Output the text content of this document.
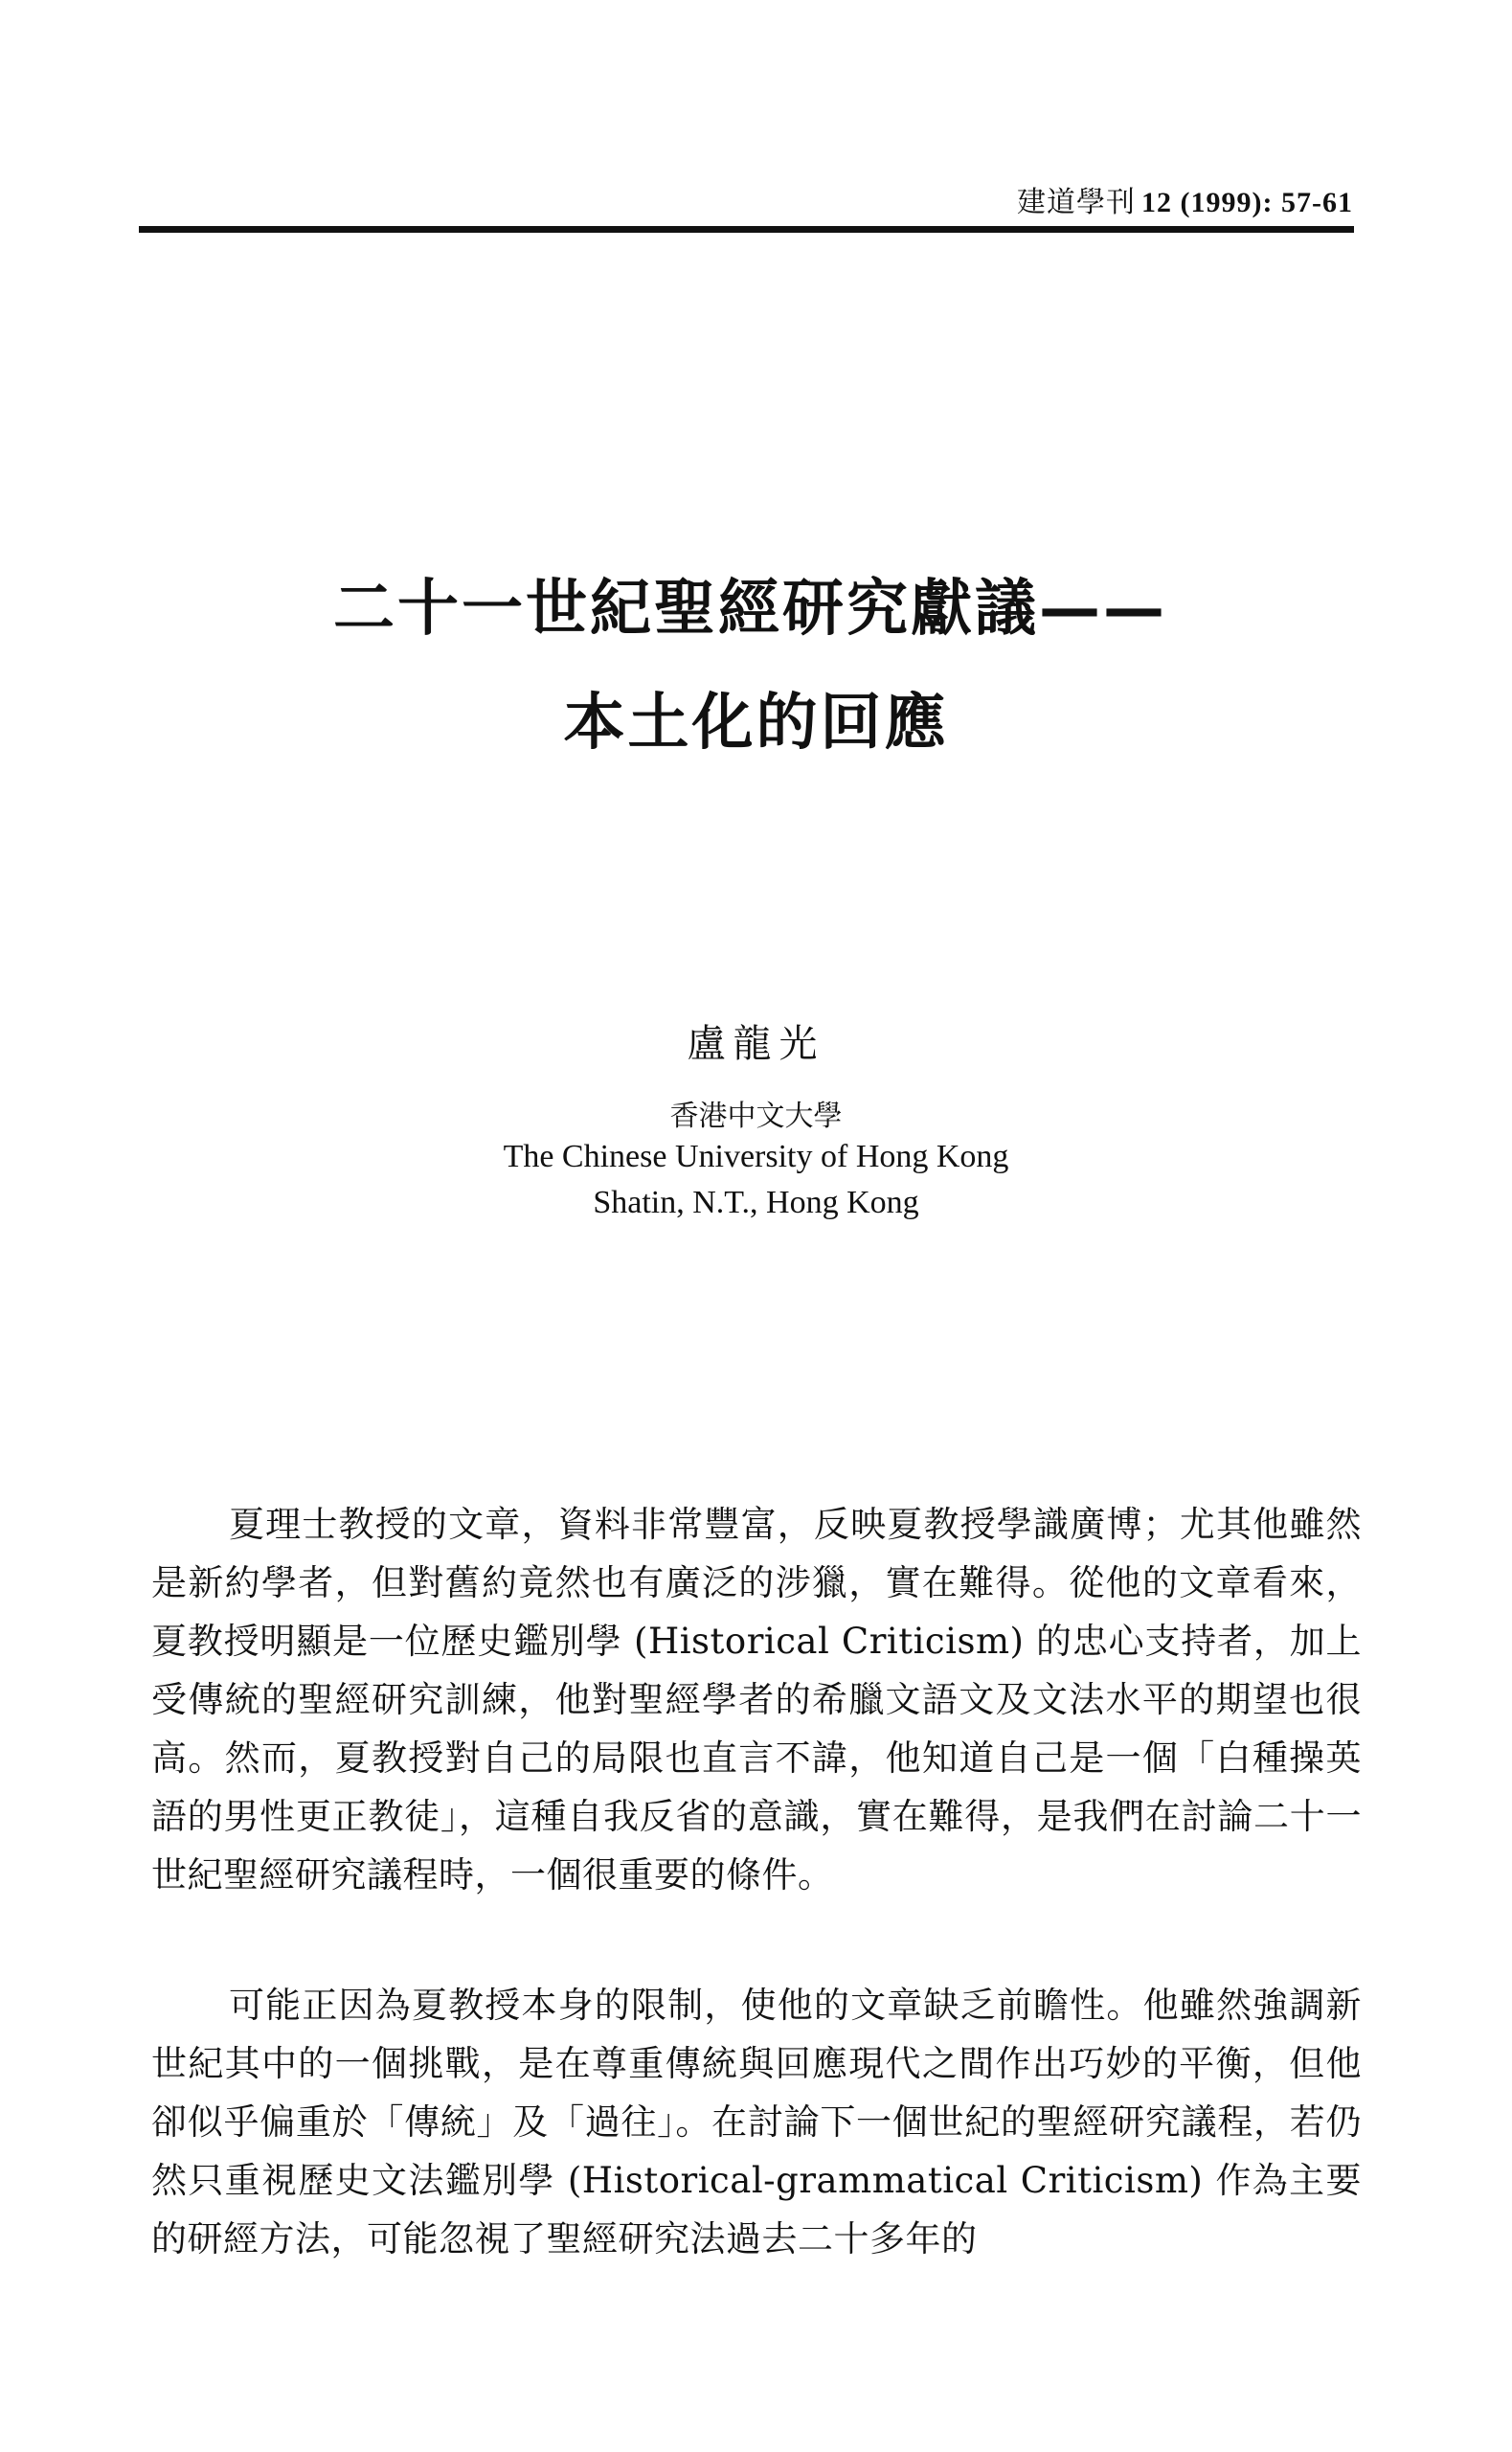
建道學刊 12 (1999): 57-61
二十一世紀聖經研究獻議——
本土化的回應
盧龍光
香港中文大學
The Chinese University of Hong Kong
Shatin, N.T., Hong Kong
夏理士教授的文章，資料非常豐富，反映夏教授學識廣博；尤其他雖然是新約學者，但對舊約竟然也有廣泛的涉獵，實在難得。從他的文章看來，夏教授明顯是一位歷史鑑別學 (Historical Criticism) 的忠心支持者，加上受傳統的聖經研究訓練，他對聖經學者的希臘文語文及文法水平的期望也很高。然而，夏教授對自己的局限也直言不諱，他知道自己是一個「白種操英語的男性更正教徒」，這種自我反省的意識，實在難得，是我們在討論二十一世紀聖經研究議程時，一個很重要的條件。
可能正因為夏教授本身的限制，使他的文章缺乏前瞻性。他雖然強調新世紀其中的一個挑戰，是在尊重傳統與回應現代之間作出巧妙的平衡，但他卻似乎偏重於「傳統」及「過往」。在討論下一個世紀的聖經研究議程，若仍然只重視歷史文法鑑別學 (Historical-grammatical Criticism) 作為主要的研經方法，可能忽視了聖經研究法過去二十多年的
